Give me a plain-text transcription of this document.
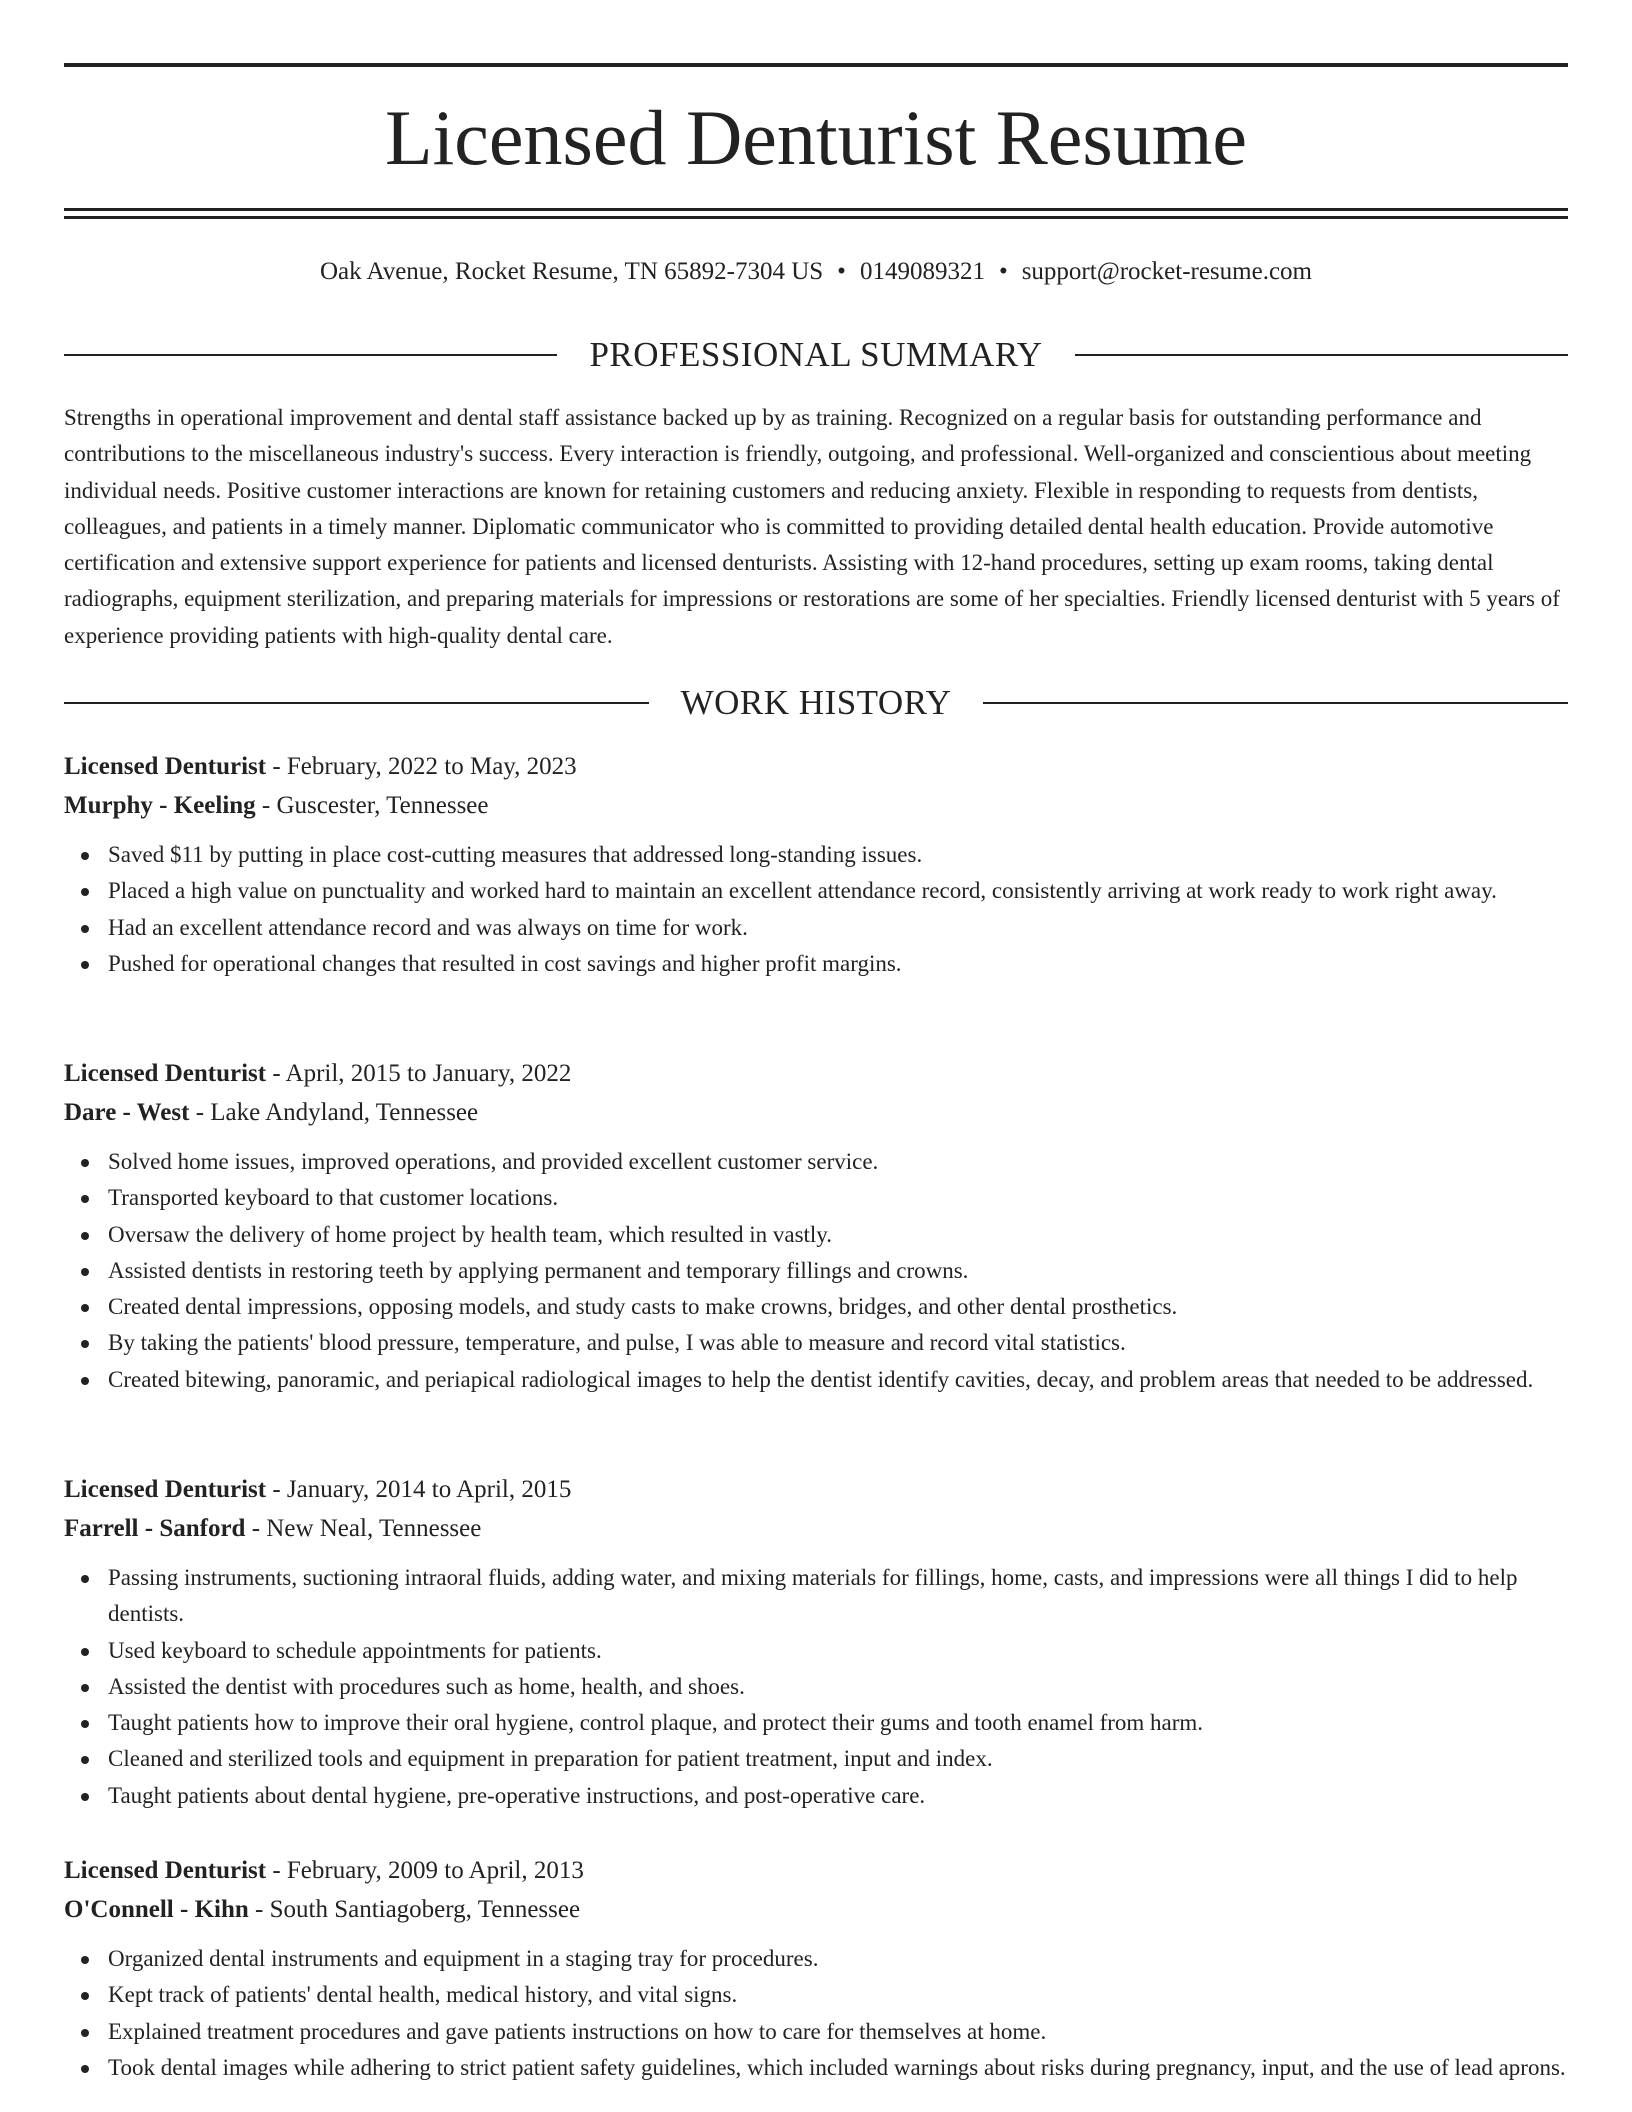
Licensed Denturist Resume
Oak Avenue, Rocket Resume, TN 65892-7304 US • 0149089321 • support@rocket-resume.com
PROFESSIONAL SUMMARY

Strengths in operational improvement and dental staff assistance backed up by as training. Recognized on a regular basis for outstanding performance and contributions to the miscellaneous industry's success. Every interaction is friendly, outgoing, and professional. Well-organized and conscientious about meeting individual needs. Positive customer interactions are known for retaining customers and reducing anxiety. Flexible in responding to requests from dentists, colleagues, and patients in a timely manner. Diplomatic communicator who is committed to providing detailed dental health education. Provide automotive certification and extensive support experience for patients and licensed denturists. Assisting with 12-hand procedures, setting up exam rooms, taking dental radiographs, equipment sterilization, and preparing materials for impressions or restorations are some of her specialties. Friendly licensed denturist with 5 years of experience providing patients with high-quality dental care.

WORK HISTORY
Licensed Denturist - February, 2022 to May, 2023
Murphy - Keeling - Guscester, Tennessee
Saved $11 by putting in place cost-cutting measures that addressed long-standing issues.
Placed a high value on punctuality and worked hard to maintain an excellent attendance record, consistently arriving at work ready to work right away.
Had an excellent attendance record and was always on time for work.
Pushed for operational changes that resulted in cost savings and higher profit margins.
Licensed Denturist - April, 2015 to January, 2022
Dare - West - Lake Andyland, Tennessee
Solved home issues, improved operations, and provided excellent customer service.
Transported keyboard to that customer locations.
Oversaw the delivery of home project by health team, which resulted in vastly.
Assisted dentists in restoring teeth by applying permanent and temporary fillings and crowns.
Created dental impressions, opposing models, and study casts to make crowns, bridges, and other dental prosthetics.
By taking the patients' blood pressure, temperature, and pulse, I was able to measure and record vital statistics.
Created bitewing, panoramic, and periapical radiological images to help the dentist identify cavities, decay, and problem areas that needed to be addressed.
Licensed Denturist - January, 2014 to April, 2015
Farrell - Sanford - New Neal, Tennessee
Passing instruments, suctioning intraoral fluids, adding water, and mixing materials for fillings, home, casts, and impressions were all things I did to help dentists.
Used keyboard to schedule appointments for patients.
Assisted the dentist with procedures such as home, health, and shoes.
Taught patients how to improve their oral hygiene, control plaque, and protect their gums and tooth enamel from harm.
Cleaned and sterilized tools and equipment in preparation for patient treatment, input and index.
Taught patients about dental hygiene, pre-operative instructions, and post-operative care.
Licensed Denturist - February, 2009 to April, 2013
O'Connell - Kihn - South Santiagoberg, Tennessee
Organized dental instruments and equipment in a staging tray for procedures.
Kept track of patients' dental health, medical history, and vital signs.
Explained treatment procedures and gave patients instructions on how to care for themselves at home.
Took dental images while adhering to strict patient safety guidelines, which included warnings about risks during pregnancy, input, and the use of lead aprons.
